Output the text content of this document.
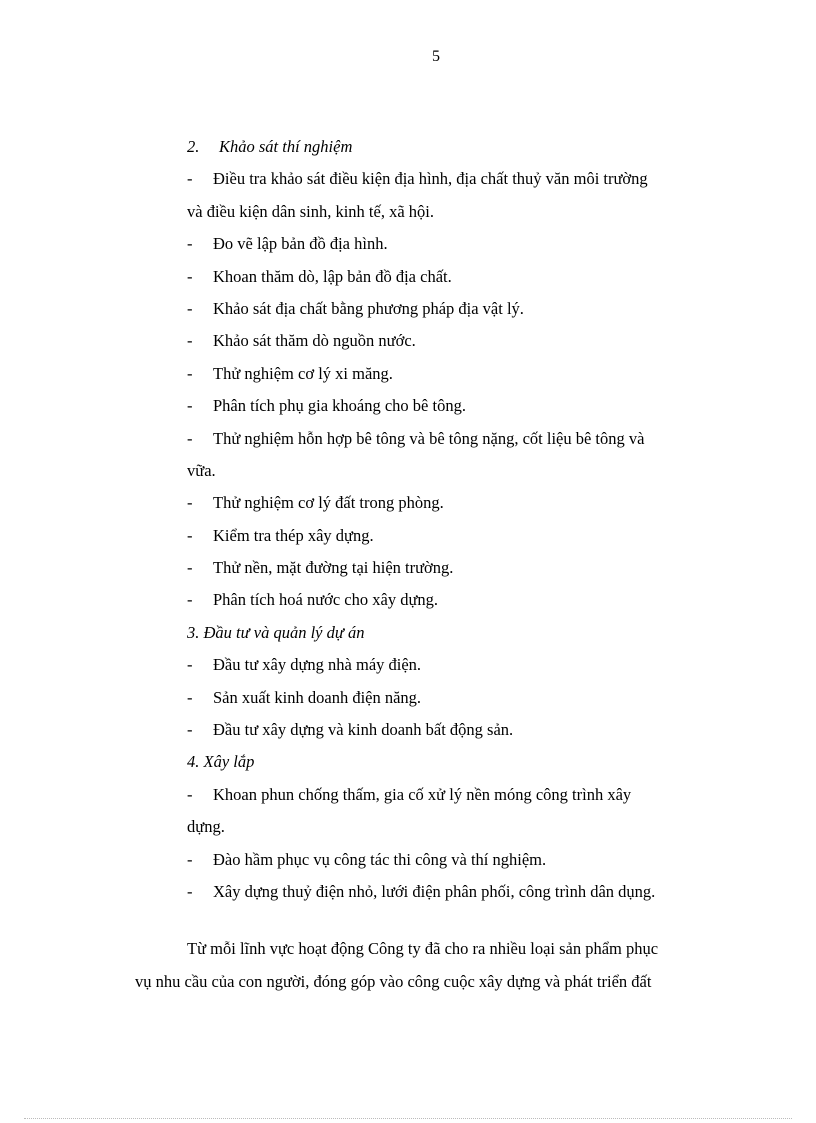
5
2. Khảo sát thí nghiệm
- Điều tra khảo sát điều kiện địa hình, địa chất thuỷ văn môi trường
và điều kiện dân sinh, kinh tế, xã hội.
- Đo vẽ lập bản đồ địa hình.
- Khoan thăm dò, lập bản đồ địa chất.
- Khảo sát địa chất bằng phương pháp địa vật lý.
- Khảo sát thăm dò nguồn nước.
- Thử nghiệm cơ lý xi măng.
- Phân tích phụ gia khoáng cho bê tông.
- Thử nghiệm hỗn hợp bê tông và bê tông nặng, cốt liệu bê tông và
vữa.
- Thử nghiệm cơ lý đất trong phòng.
- Kiểm tra thép xây dựng.
- Thử nền, mặt đường tại hiện trường.
- Phân tích hoá nước cho xây dựng.
3. Đầu tư và quản lý dự án
- Đầu tư xây dựng nhà máy điện.
- Sản xuất kinh doanh điện năng.
- Đầu tư xây dựng và kinh doanh bất động sản.
4. Xây lắp
- Khoan phun chống thấm, gia cố xử lý nền móng công trình xây
dựng.
- Đào hầm phục vụ công tác thi công và thí nghiệm.
- Xây dựng thuỷ điện nhỏ, lưới điện phân phối, công trình dân dụng.
Từ mỗi lĩnh vực hoạt động Công ty đã cho ra nhiều loại sản phẩm phục
vụ nhu cầu của con người, đóng góp vào công cuộc xây dựng và phát triển đất
